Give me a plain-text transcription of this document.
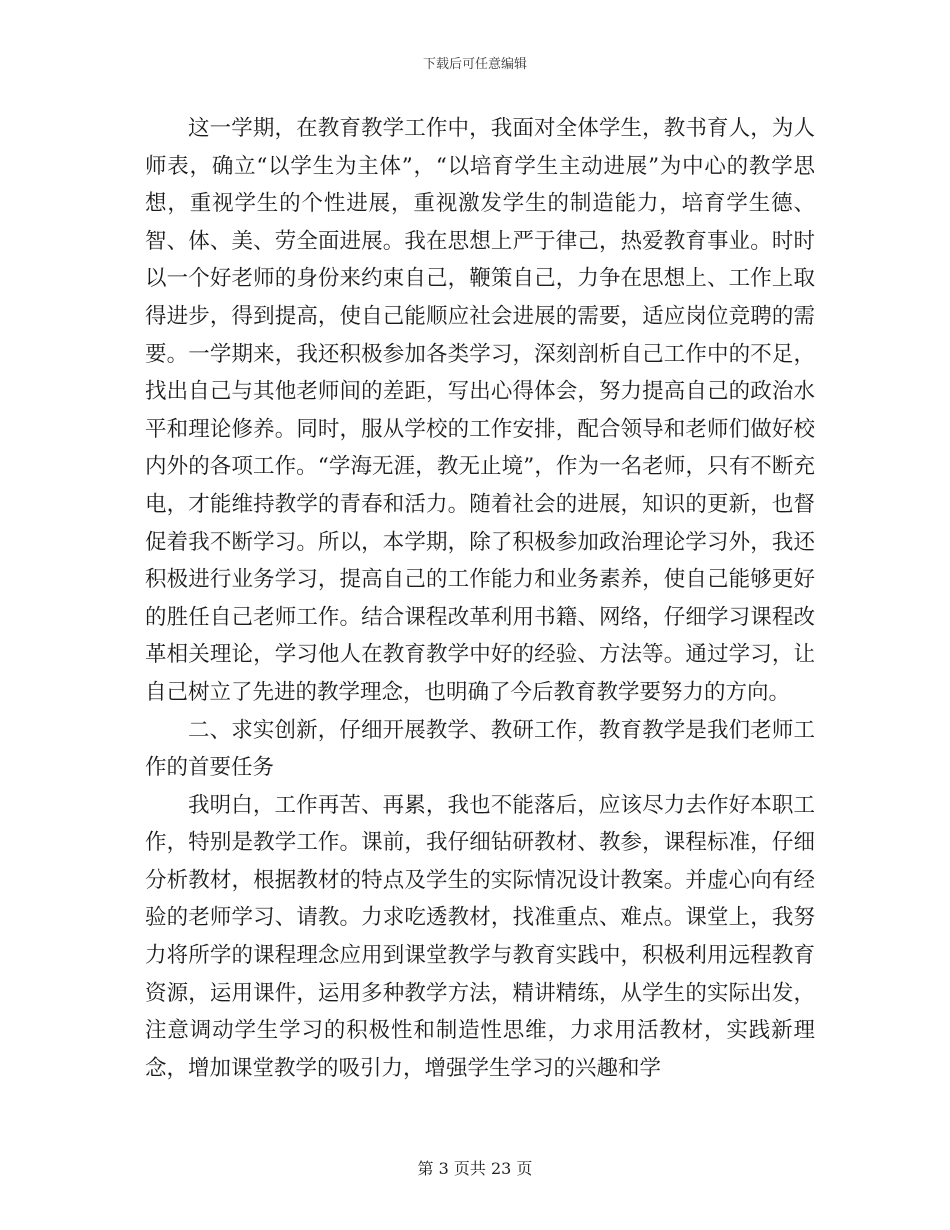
下载后可任意编辑

这一学期，在教育教学工作中，我面对全体学生，教书育人，为人师表，确立“以学生为主体”，“以培育学生主动进展”为中心的教学思想，重视学生的个性进展，重视激发学生的制造能力，培育学生德、智、体、美、劳全面进展。我在思想上严于律己，热爱教育事业。时时以一个好老师的身份来约束自己，鞭策自己，力争在思想上、工作上取得进步，得到提高，使自己能顺应社会进展的需要，适应岗位竞聘的需要。一学期来，我还积极参加各类学习，深刻剖析自己工作中的不足，找出自己与其他老师间的差距，写出心得体会，努力提高自己的政治水平和理论修养。同时，服从学校的工作安排，配合领导和老师们做好校内外的各项工作。“学海无涯，教无止境”，作为一名老师，只有不断充电，才能维持教学的青春和活力。随着社会的进展，知识的更新，也督促着我不断学习。所以，本学期，除了积极参加政治理论学习外，我还积极进行业务学习，提高自己的工作能力和业务素养，使自己能够更好的胜任自己老师工作。结合课程改革利用书籍、网络，仔细学习课程改革相关理论，学习他人在教育教学中好的经验、方法等。通过学习，让自己树立了先进的教学理念，也明确了今后教育教学要努力的方向。

二、求实创新，仔细开展教学、教研工作，教育教学是我们老师工作的首要任务

我明白，工作再苦、再累，我也不能落后，应该尽力去作好本职工作，特别是教学工作。课前，我仔细钻研教材、教参，课程标准，仔细分析教材，根据教材的特点及学生的实际情况设计教案。并虚心向有经验的老师学习、请教。力求吃透教材，找准重点、难点。课堂上，我努力将所学的课程理念应用到课堂教学与教育实践中，积极利用远程教育资源，运用课件，运用多种教学方法，精讲精练，从学生的实际出发，注意调动学生学习的积极性和制造性思维，力求用活教材，实践新理念，增加课堂教学的吸引力，增强学生学习的兴趣和学

第 3 页共 23 页
